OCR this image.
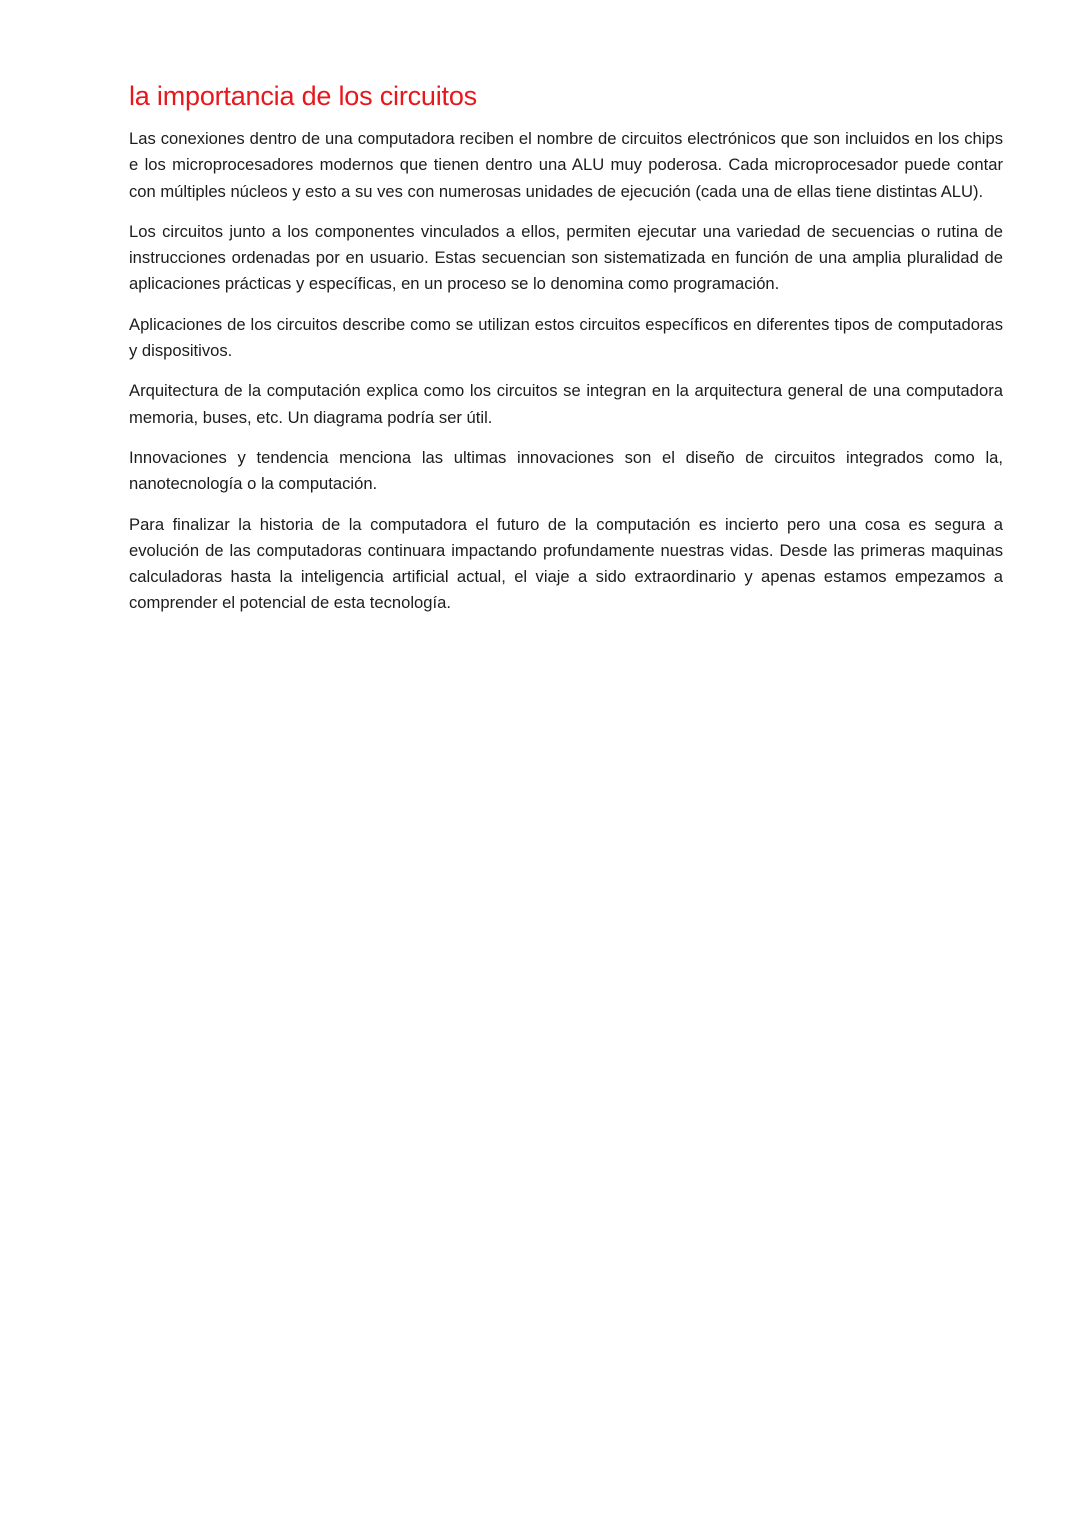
la importancia de los circuitos

Las conexiones dentro de una computadora reciben el nombre de circuitos electrónicos que son incluidos en los chips e los microprocesadores modernos que tienen dentro una ALU muy poderosa. Cada microprocesador puede contar con múltiples núcleos y esto a su ves con numerosas unidades de ejecución (cada una de ellas tiene distintas ALU).

Los circuitos junto a los componentes vinculados a ellos, permiten ejecutar una variedad de secuencias o rutina de instrucciones ordenadas por en usuario. Estas secuencian son sistematizada en función de una amplia pluralidad de aplicaciones prácticas y específicas, en un proceso se lo denomina como programación.

Aplicaciones de los circuitos describe como se utilizan estos circuitos específicos en diferentes tipos de computadoras y dispositivos.

Arquitectura de la computación explica como los circuitos se integran en la arquitectura general de una computadora memoria, buses, etc. Un diagrama podría ser útil.

Innovaciones y tendencia menciona las ultimas innovaciones son el diseño de circuitos integrados como la, nanotecnología o la computación.

Para finalizar la historia de la computadora el futuro de la computación es incierto pero una cosa es segura a evolución de las computadoras continuara impactando profundamente nuestras vidas. Desde las primeras maquinas calculadoras hasta la inteligencia artificial actual, el viaje a sido extraordinario y apenas estamos empezamos a comprender el potencial de esta tecnología.
